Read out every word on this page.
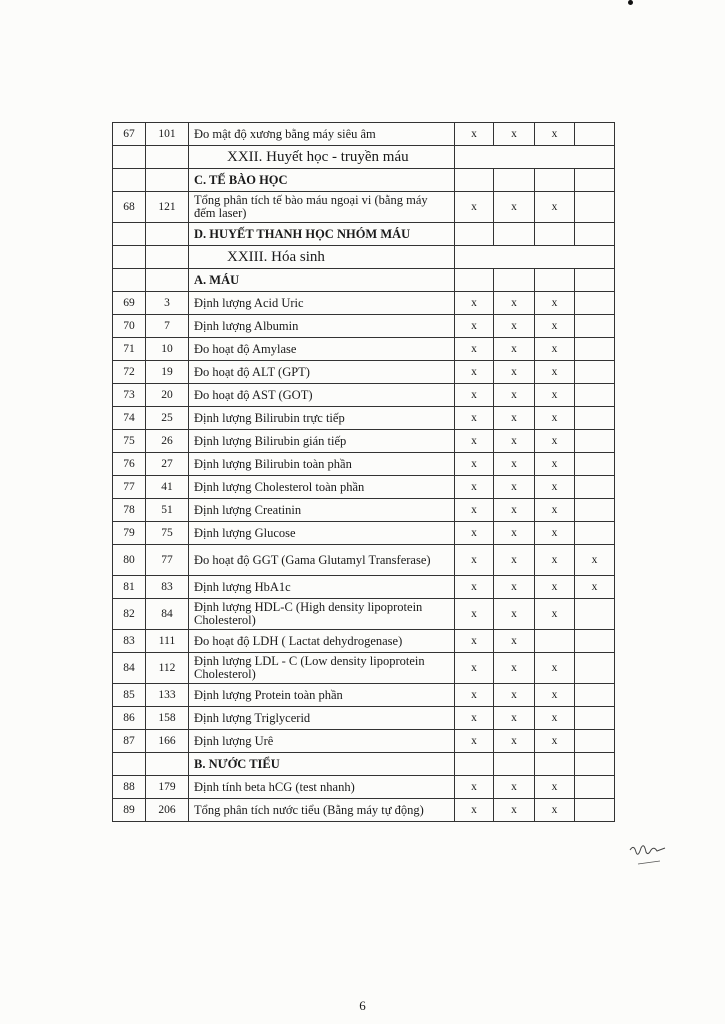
67	101	Đo mật độ xương bằng máy siêu âm	x	x	x	
		XXII. Huyết học - truyền máu				
		C. TẾ BÀO HỌC				
68	121	Tổng phân tích tế bào máu ngoại vi (bằng máy đếm laser)	x	x	x	
		D. HUYẾT THANH HỌC NHÓM MÁU				
		XXIII. Hóa sinh				
		A. MÁU				
69	3	Định lượng Acid Uric	x	x	x	
70	7	Định lượng Albumin	x	x	x	
71	10	Đo hoạt độ Amylase	x	x	x	
72	19	Đo hoạt độ ALT (GPT)	x	x	x	
73	20	Đo hoạt độ AST (GOT)	x	x	x	
74	25	Định lượng Bilirubin trực tiếp	x	x	x	
75	26	Định lượng Bilirubin gián tiếp	x	x	x	
76	27	Định lượng Bilirubin toàn phần	x	x	x	
77	41	Định lượng Cholesterol toàn phần	x	x	x	
78	51	Định lượng Creatinin	x	x	x	
79	75	Định lượng Glucose	x	x	x	
80	77	Đo hoạt độ GGT (Gama Glutamyl Transferase)	x	x	x	x
81	83	Định lượng HbA1c	x	x	x	x
82	84	Định lượng HDL-C (High density lipoprotein Cholesterol)	x	x	x	
83	111	Đo hoạt độ LDH ( Lactat dehydrogenase)	x	x		
84	112	Định lượng LDL - C (Low density lipoprotein Cholesterol)	x	x	x	
85	133	Định lượng Protein toàn phần	x	x	x	
86	158	Định lượng Triglycerid	x	x	x	
87	166	Định lượng Urê	x	x	x	
		B. NƯỚC TIỂU				
88	179	Định tính beta hCG (test nhanh)	x	x	x	
89	206	Tổng phân tích nước tiểu (Bằng máy tự động)	x	x	x	
6
